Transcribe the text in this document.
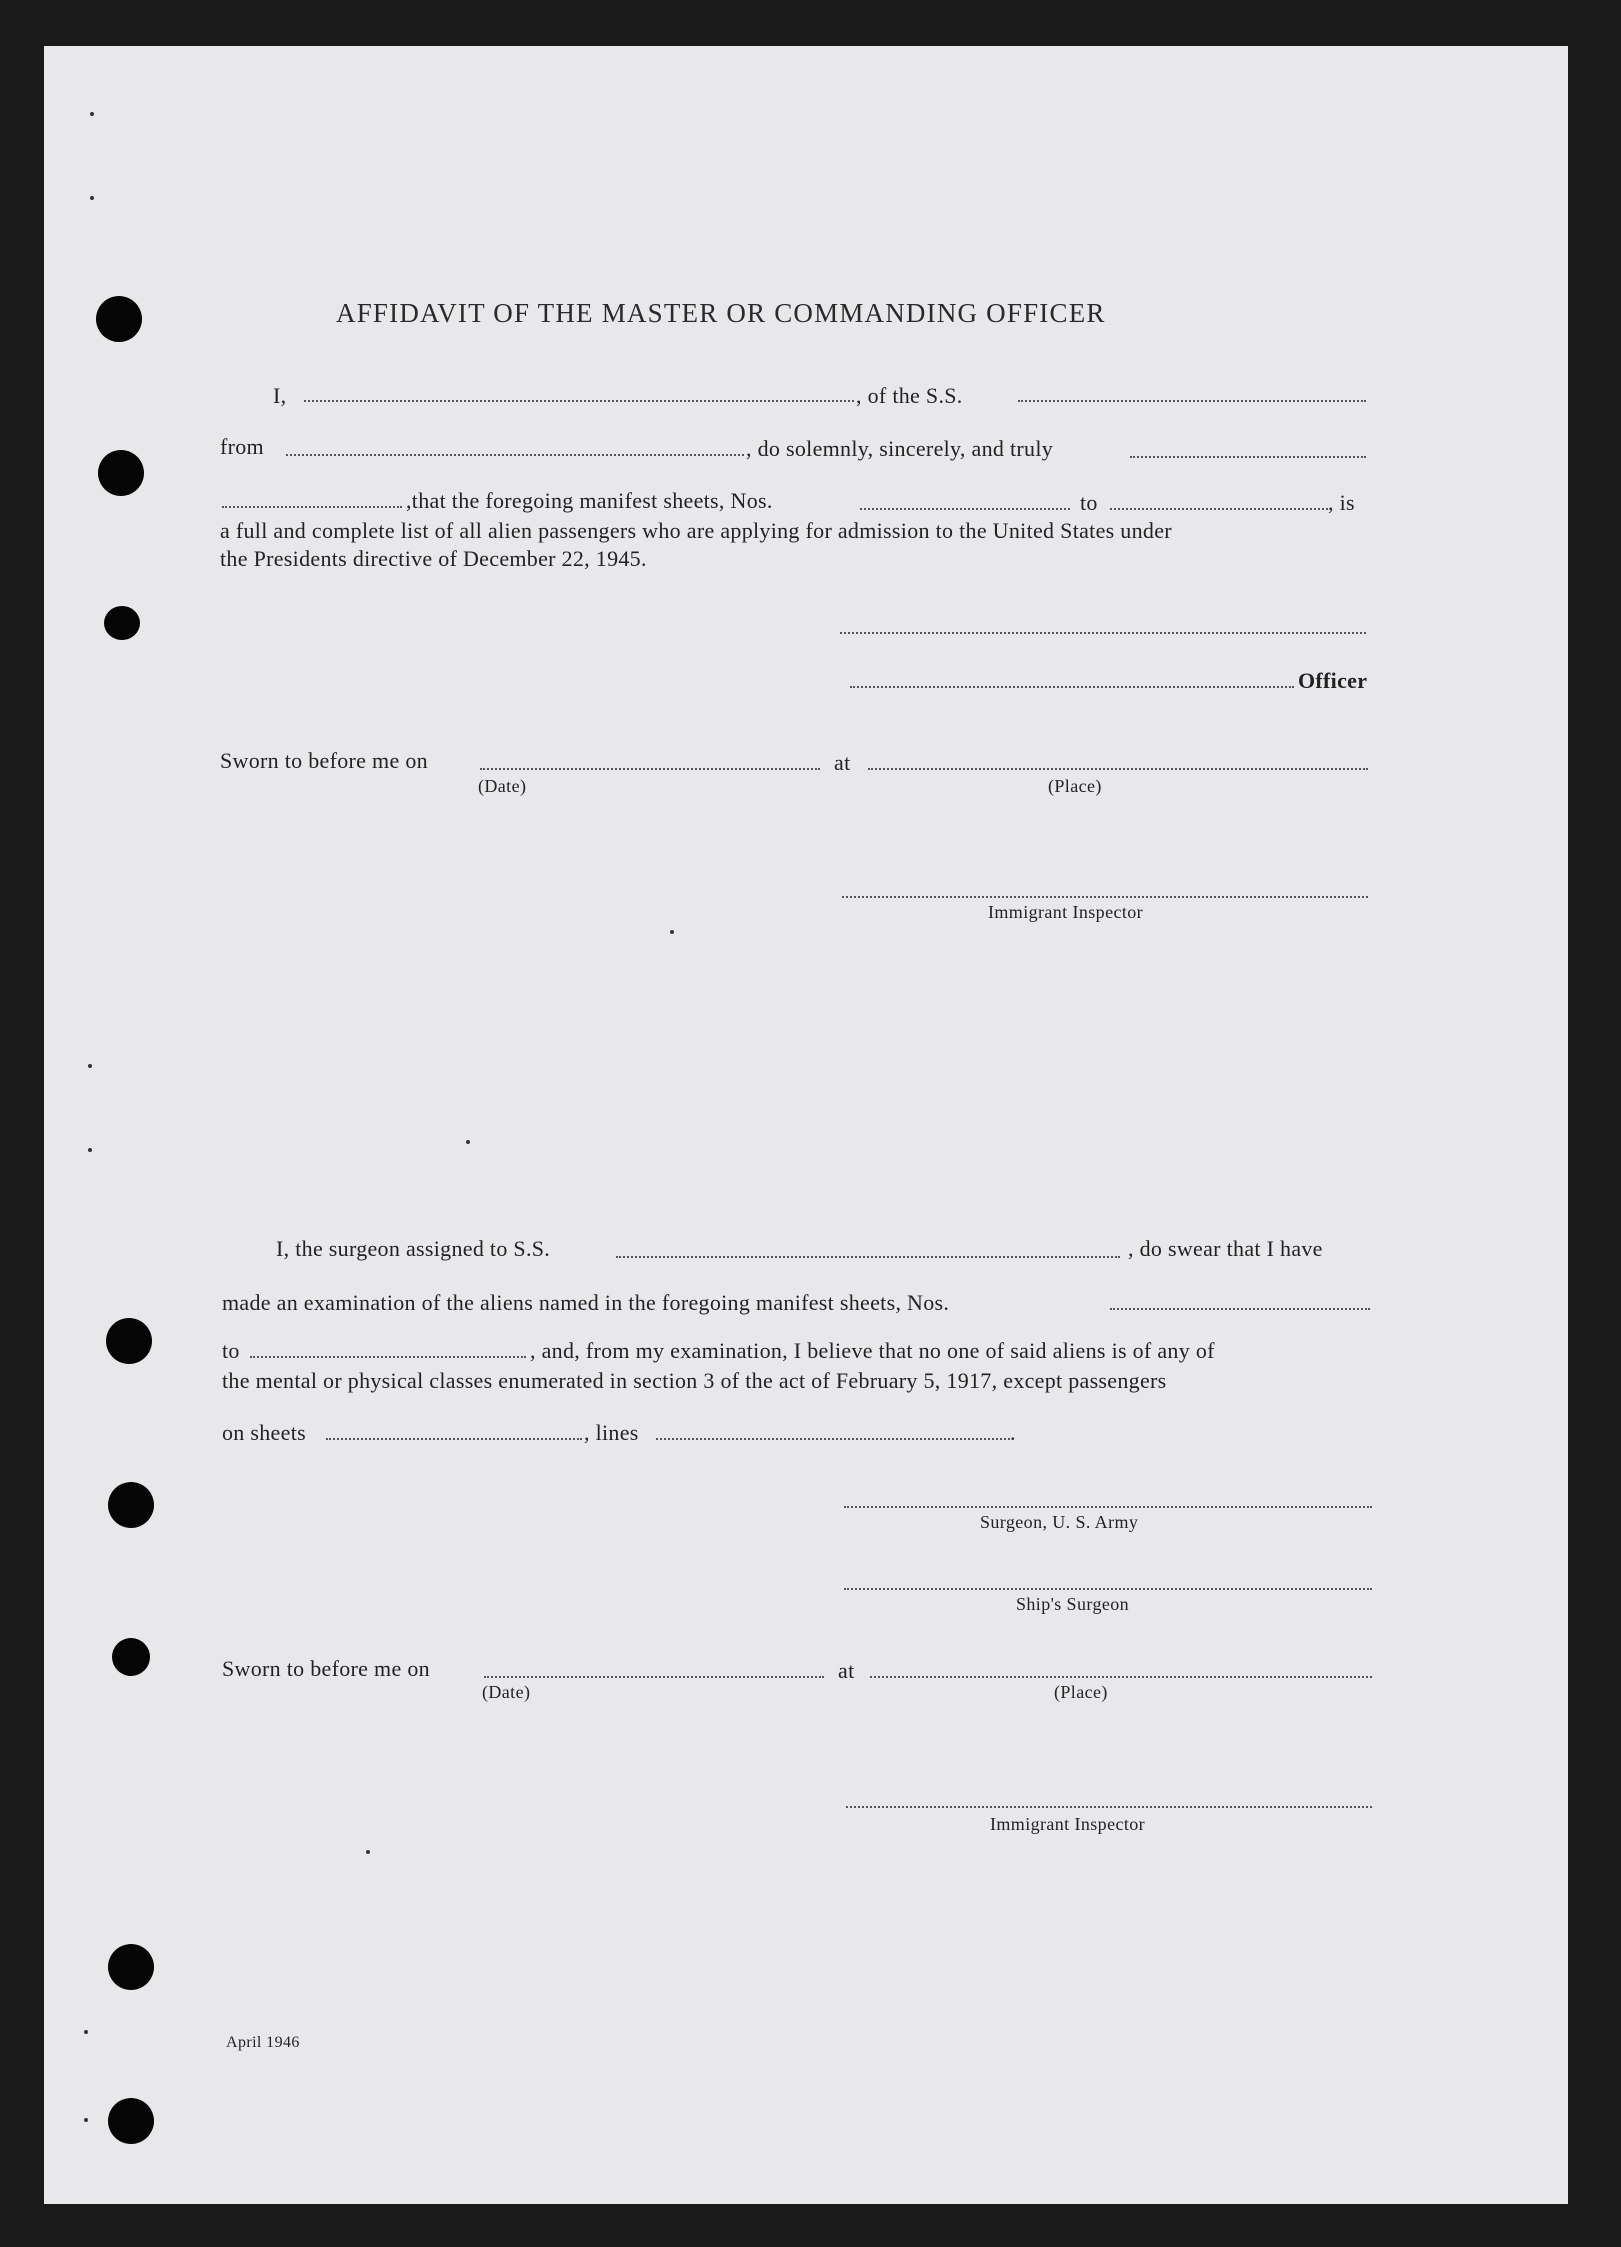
AFFIDAVIT OF THE MASTER OR COMMANDING OFFICER
I,	, of the S.S.
from	, do solemnly, sincerely, and truly
,that the foregoing manifest sheets, Nos.	to	, is
a full and complete list of all alien passengers who are applying for admission to the United States under
the Presidents directive of December 22, 1945.
Officer
Sworn to before me on	at
(Date)	(Place)
Immigrant Inspector
I, the surgeon assigned to S.S.	, do swear that I have
made an examination of the aliens named in the foregoing manifest sheets, Nos.
to	, and, from my examination, I believe that no one of said aliens is of any of
the mental or physical classes enumerated in section 3 of the act of February 5, 1917, except passengers
on sheets	, lines	.
Surgeon, U. S. Army
Ship's Surgeon
Sworn to before me on	at
(Date)	(Place)
Immigrant Inspector
April 1946
